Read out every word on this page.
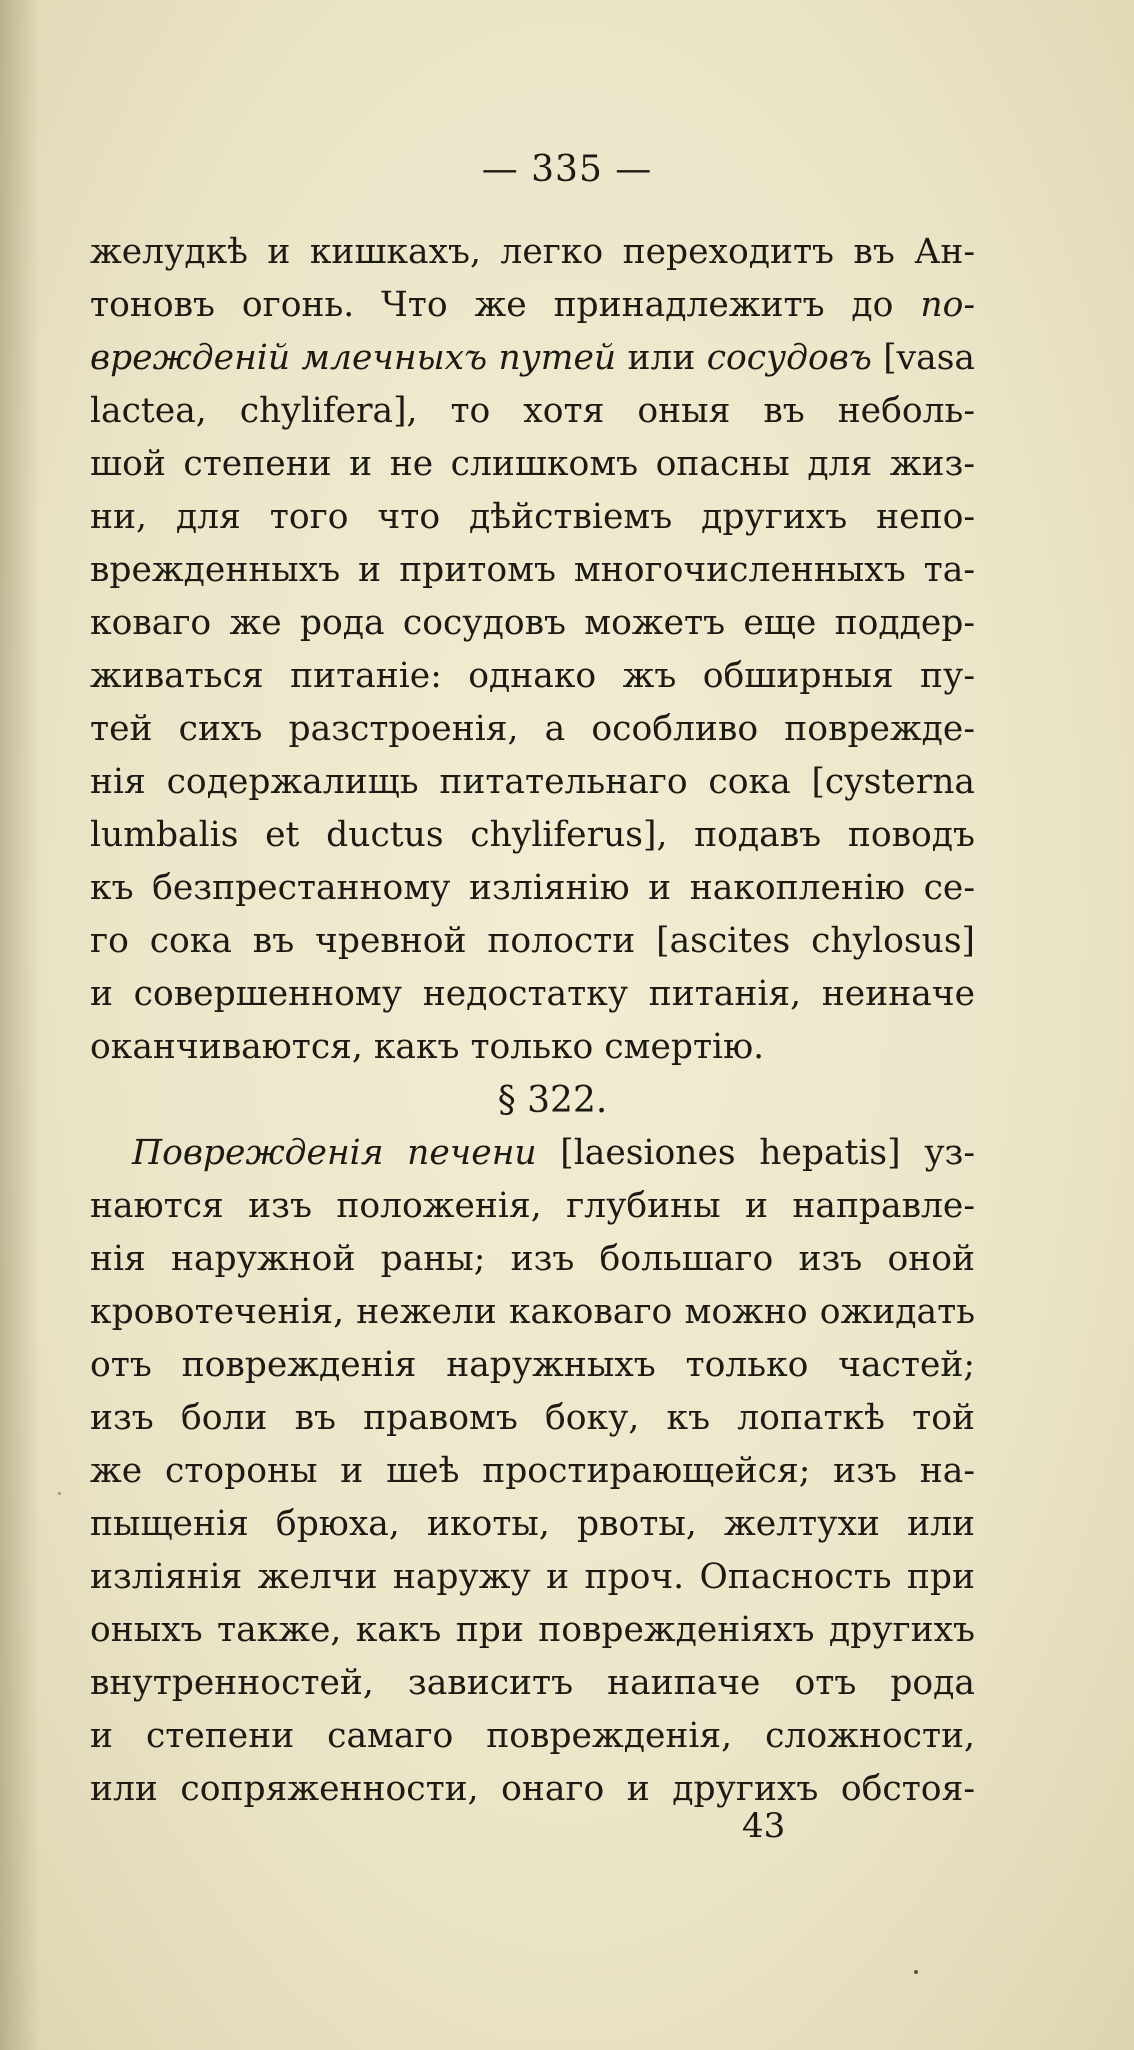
— 335 —
желудкѣ и кишкахъ, легко переходитъ въ Ан-
тоновъ огонь. Что же принадлежитъ до по-
врежденій млечныхъ путей или сосудовъ [vasa
lactea, chylifera], то хотя оныя въ неболь-
шой степени и не слишкомъ опасны для жиз-
ни, для того что дѣйствіемъ другихъ непо-
врежденныхъ и притомъ многочисленныхъ та-
коваго же рода сосудовъ можетъ еще поддер-
живаться питаніе: однако жъ обширныя пу-
тей сихъ разстроенія, а особливо поврежде-
нія содержалищь питательнаго сока [cysterna
lumbalis et ductus chyliferus], подавъ поводъ
къ безпрестанному изліянію и накопленію се-
го сока въ чревной полости [ascites chylosus]
и совершенному недостатку питанія, неиначе
оканчиваются, какъ только смертію.
§ 322.
Поврежденія печени [laesiones hepatis] уз-
наются изъ положенія, глубины и направле-
нія наружной раны; изъ большаго изъ оной
кровотеченія, нежели каковаго можно ожидать
отъ поврежденія наружныхъ только частей;
изъ боли въ правомъ боку, къ лопаткѣ той
же стороны и шеѣ простирающейся; изъ на-
пыщенія брюха, икоты, рвоты, желтухи или
изліянія желчи наружу и проч. Опасность при
оныхъ также, какъ при поврежденіяхъ другихъ
внутренностей, зависитъ наипаче отъ рода
и степени самаго поврежденія, сложности,
или сопряженности, онаго и другихъ обстоя-
43
